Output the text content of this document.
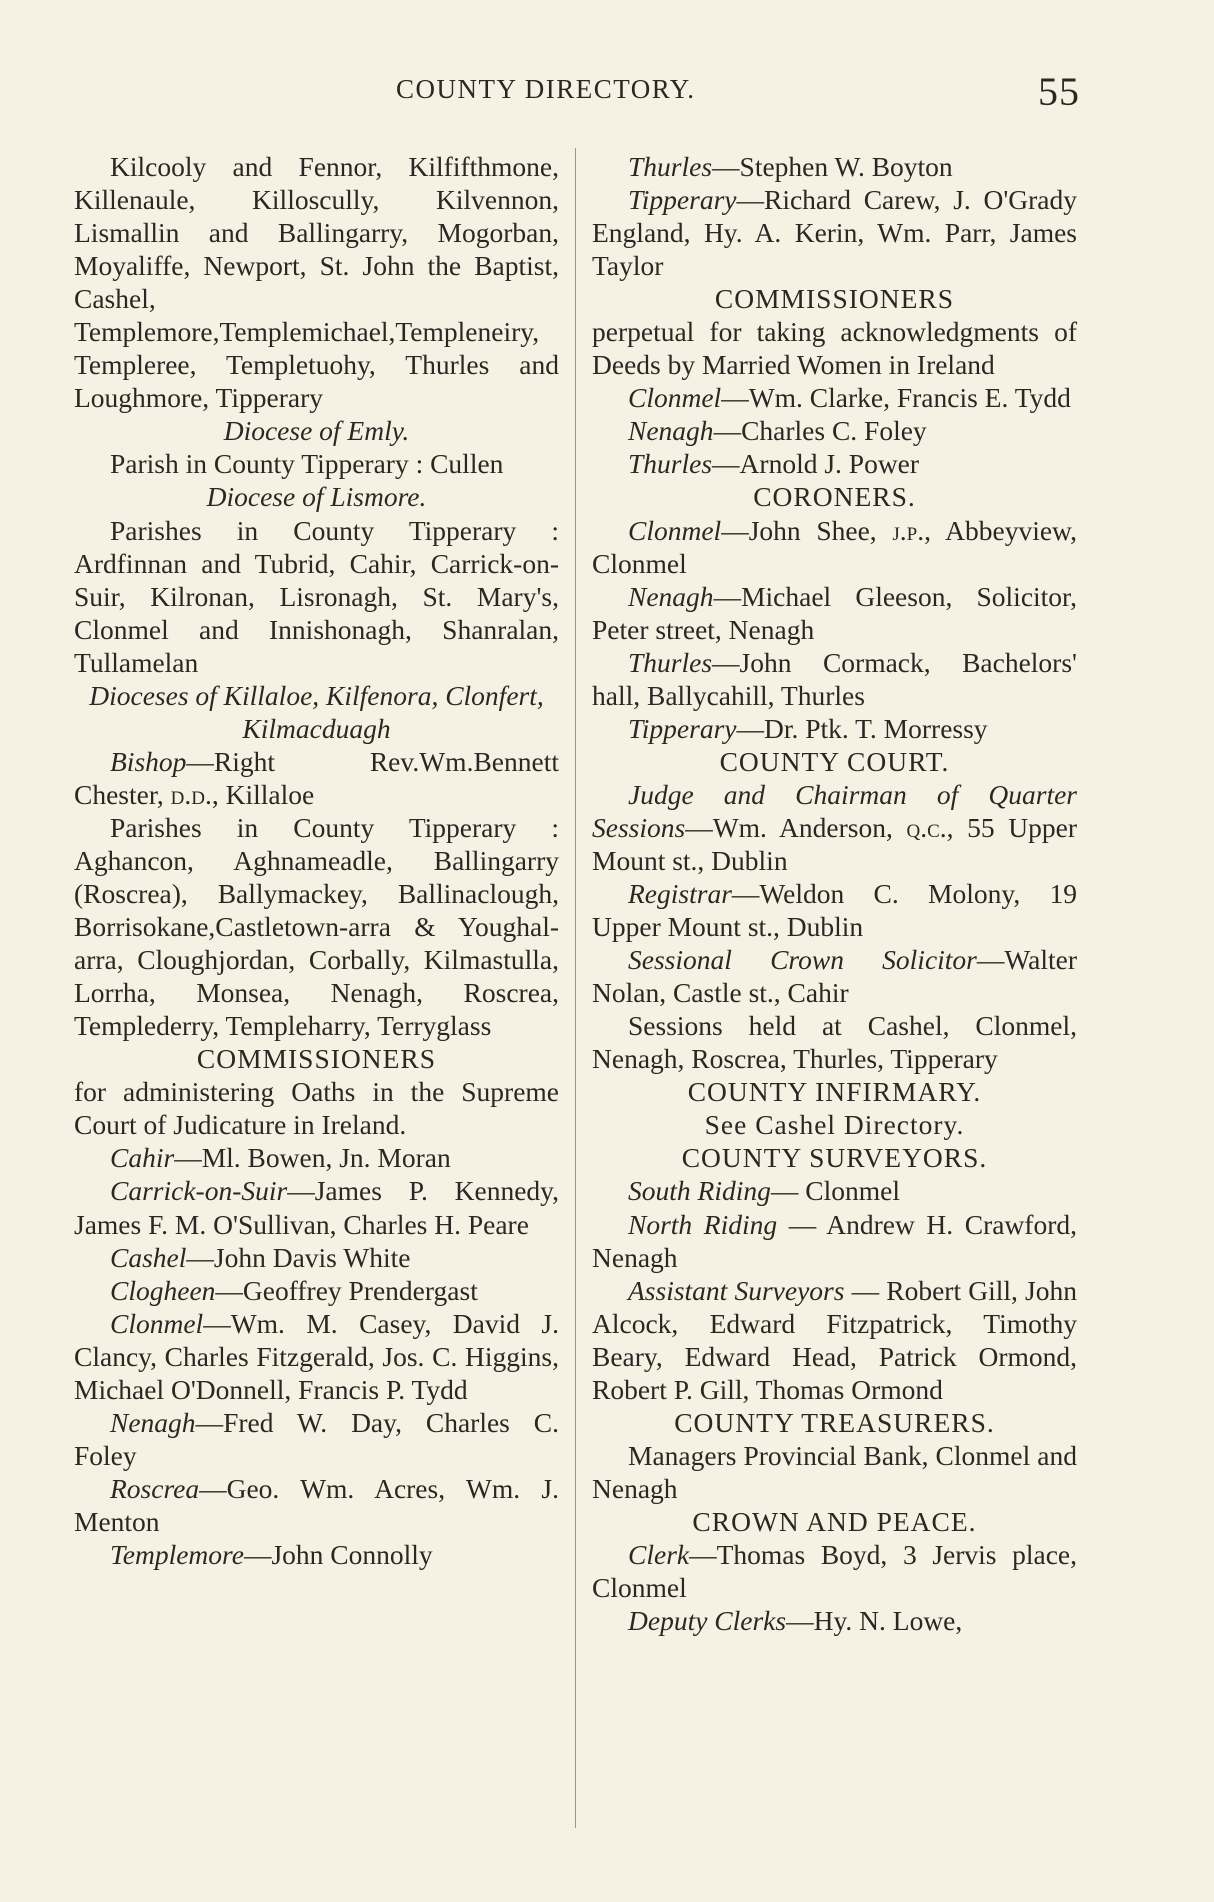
COUNTY DIRECTORY.	55

Kilcooly and Fennor, Kilfifthmone, Killenaule, Killoscully, Kilvennon, Lismallin and Ballingarry, Mogorban, Moyaliffe, Newport, St. John the Baptist, Cashel, Templemore,Templemichael,Templeneiry, Templeree, Templetuohy, Thurles and Loughmore, Tipperary

Diocese of Emly.

Parish in County Tipperary : Cullen

Diocese of Lismore.

Parishes in County Tipperary : Ardfinnan and Tubrid, Cahir, Carrick-on-Suir, Kilronan, Lisronagh, St. Mary's, Clonmel and Innishonagh, Shanralan, Tullamelan

Dioceses of Killaloe, Kilfenora, Clonfert, Kilmacduagh

Bishop—Right Rev.Wm.Bennett Chester, d.d., Killaloe

Parishes in County Tipperary : Aghancon, Aghnameadle, Ballingarry (Roscrea), Ballymackey, Ballinaclough, Borrisokane,Castletown-arra & Youghal-arra, Cloughjordan, Corbally, Kilmastulla, Lorrha, Monsea, Nenagh, Roscrea, Templederry, Templeharry, Terryglass

COMMISSIONERS

for administering Oaths in the Supreme Court of Judicature in Ireland.

Cahir—Ml. Bowen, Jn. Moran

Carrick-on-Suir—James P. Kennedy, James F. M. O'Sullivan, Charles H. Peare

Cashel—John Davis White

Clogheen—Geoffrey Prendergast

Clonmel—Wm. M. Casey, David J. Clancy, Charles Fitzgerald, Jos. C. Higgins, Michael O'Donnell, Francis P. Tydd

Nenagh—Fred W. Day, Charles C. Foley

Roscrea—Geo. Wm. Acres, Wm. J. Menton

Templemore—John Connolly

Thurles—Stephen W. Boyton

Tipperary—Richard Carew, J. O'Grady England, Hy. A. Kerin, Wm. Parr, James Taylor

COMMISSIONERS

perpetual for taking acknowledgments of Deeds by Married Women in Ireland

Clonmel—Wm. Clarke, Francis E. Tydd

Nenagh—Charles C. Foley

Thurles—Arnold J. Power

CORONERS.

Clonmel—John Shee, j.p., Abbeyview, Clonmel

Nenagh—Michael Gleeson, Solicitor, Peter street, Nenagh

Thurles—John Cormack, Bachelors' hall, Ballycahill, Thurles

Tipperary—Dr. Ptk. T. Morressy

COUNTY COURT.

Judge and Chairman of Quarter Sessions—Wm. Anderson, q.c., 55 Upper Mount st., Dublin

Registrar—Weldon C. Molony, 19 Upper Mount st., Dublin

Sessional Crown Solicitor—Walter Nolan, Castle st., Cahir

Sessions held at Cashel, Clonmel, Nenagh, Roscrea, Thurles, Tipperary

COUNTY INFIRMARY.

See Cashel Directory.

COUNTY SURVEYORS.

South Riding— Clonmel

North Riding — Andrew H. Crawford, Nenagh

Assistant Surveyors — Robert Gill, John Alcock, Edward Fitzpatrick, Timothy Beary, Edward Head, Patrick Ormond, Robert P. Gill, Thomas Ormond

COUNTY TREASURERS.

Managers Provincial Bank, Clonmel and Nenagh

CROWN AND PEACE.

Clerk—Thomas Boyd, 3 Jervis place, Clonmel

Deputy Clerks—Hy. N. Lowe,
